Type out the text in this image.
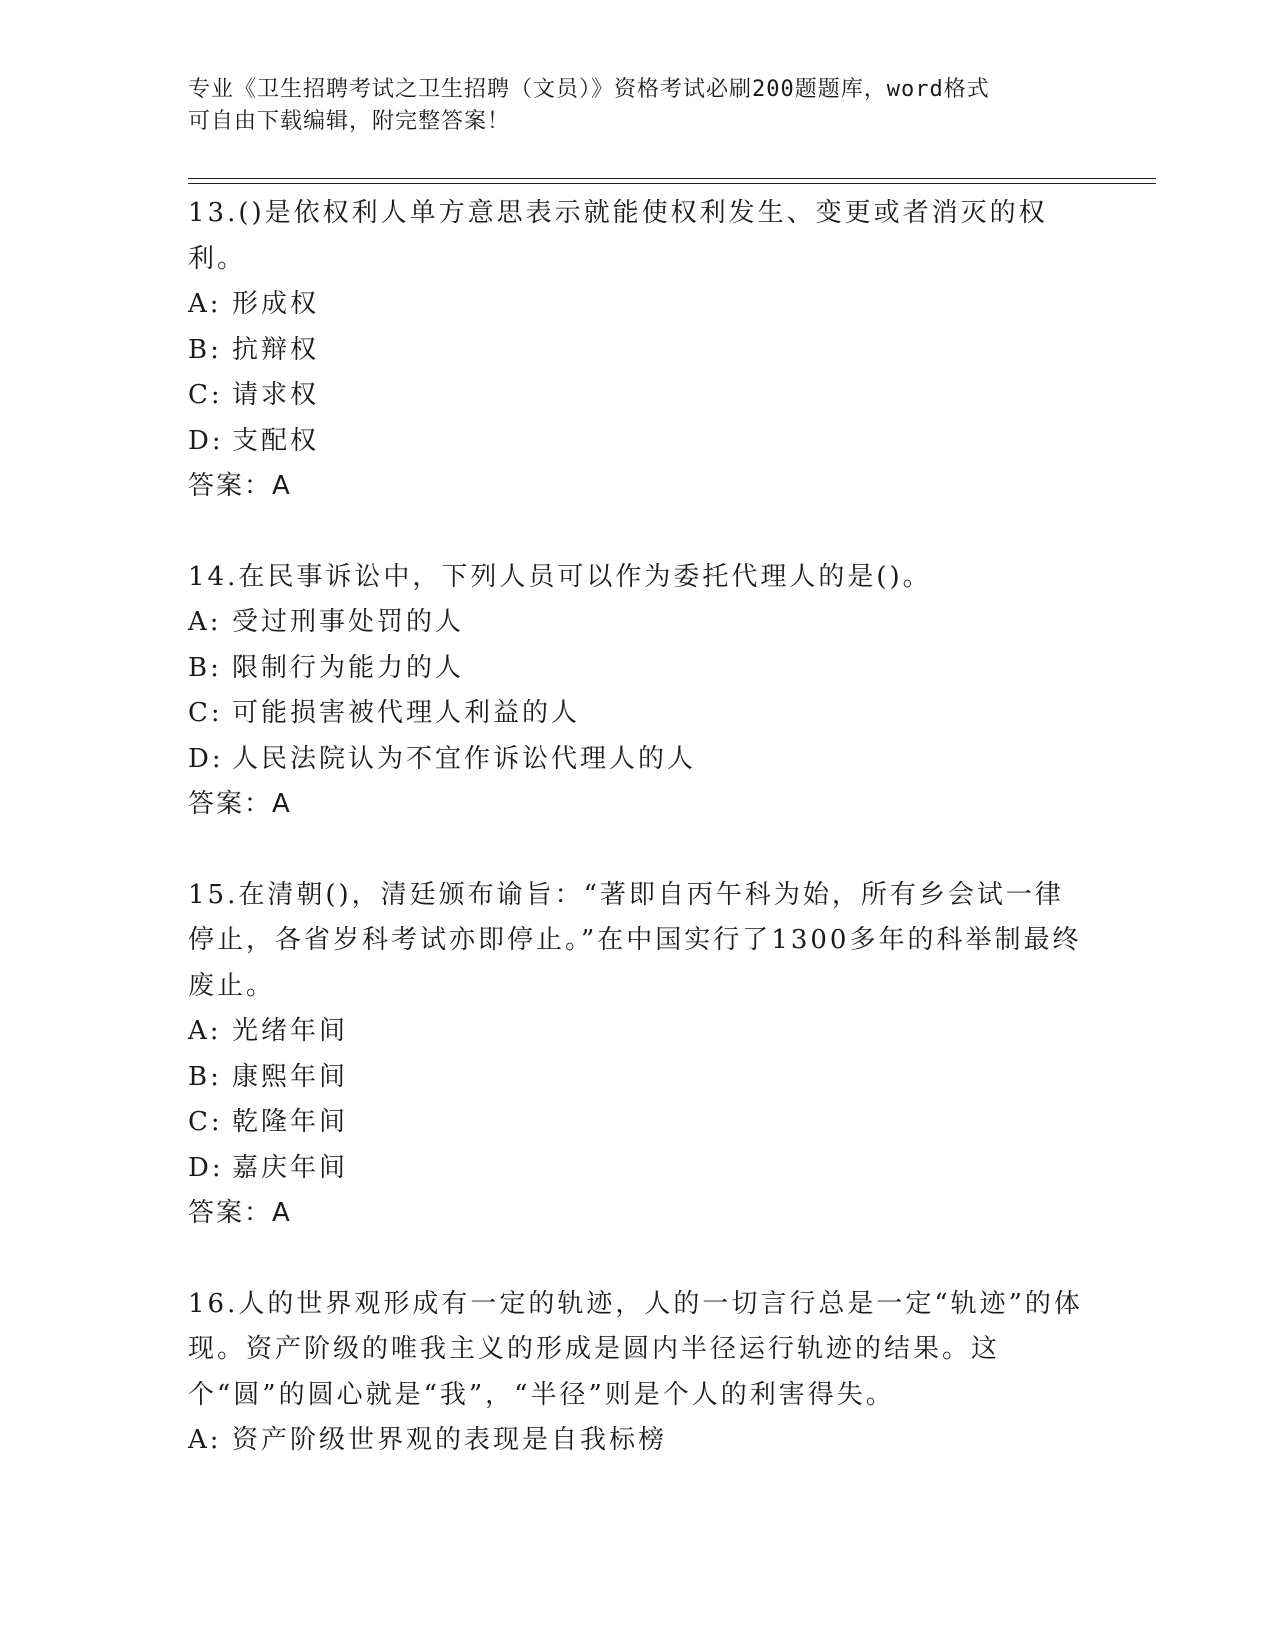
专业《卫生招聘考试之卫生招聘（文员）》资格考试必刷200题题库，word格式
可自由下载编辑，附完整答案！
13.()是依权利人单方意思表示就能使权利发生、变更或者消灭的权利。
A: 形成权
B: 抗辩权
C: 请求权
D: 支配权
答案：A
14.在民事诉讼中，下列人员可以作为委托代理人的是()。
A: 受过刑事处罚的人
B: 限制行为能力的人
C: 可能损害被代理人利益的人
D: 人民法院认为不宜作诉讼代理人的人
答案：A
15.在清朝()，清廷颁布谕旨：“著即自丙午科为始，所有乡会试一律停止，各省岁科考试亦即停止。”在中国实行了1300多年的科举制最终废止。
A: 光绪年间
B: 康熙年间
C: 乾隆年间
D: 嘉庆年间
答案：A
16.人的世界观形成有一定的轨迹，人的一切言行总是一定“轨迹”的体现。资产阶级的唯我主义的形成是圆内半径运行轨迹的结果。这个“圆”的圆心就是“我”，“半径”则是个人的利害得失。
A: 资产阶级世界观的表现是自我标榜
